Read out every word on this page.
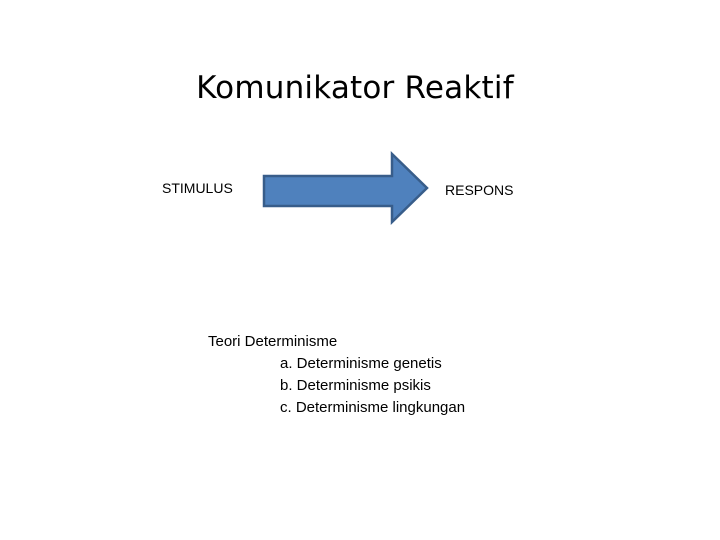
Komunikator Reaktif
STIMULUS	RESPONS
Teori Determinisme
a. Determinisme genetis
b. Determinisme psikis
c. Determinisme lingkungan
